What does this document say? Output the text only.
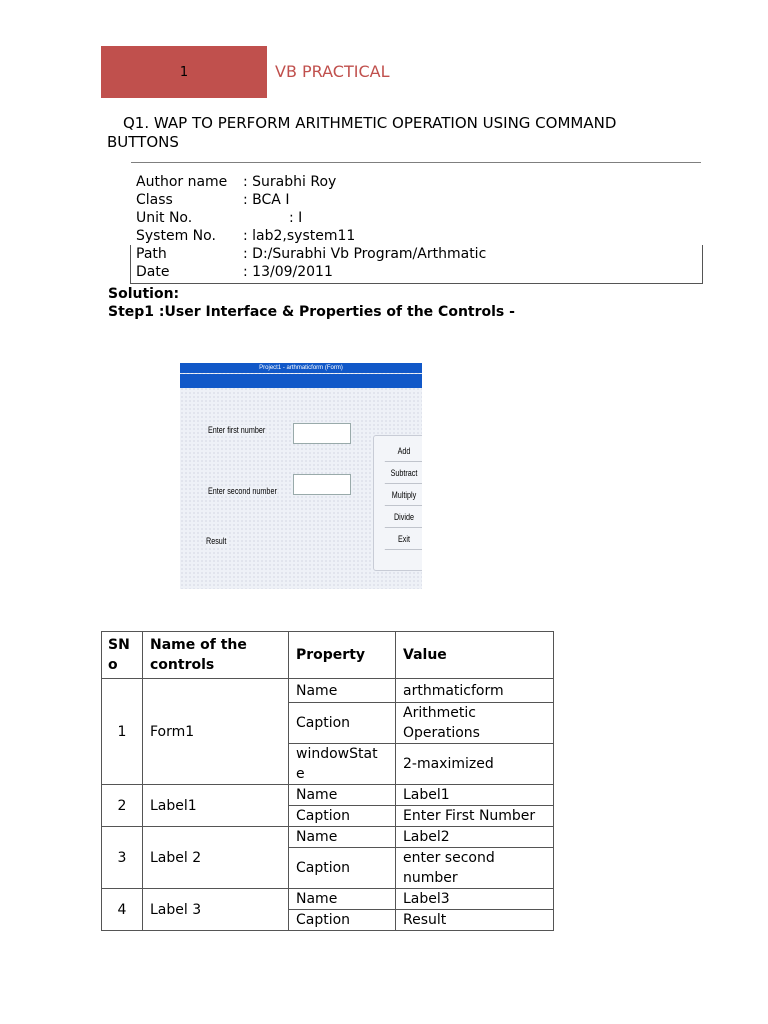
1	VB PRACTICAL
Q1. WAP TO PERFORM ARITHMETIC OPERATION USING COMMAND
BUTTONS
Author name	: Surabhi Roy
Class	: BCA I
Unit No.	: I
System No.	: lab2,system11
Path	: D:/Surabhi Vb Program/Arthmatic
Date	: 13/09/2011
Solution:
Step1 :User Interface & Properties of the Controls -
Project1 - arthmaticform (Form)
Enter first number
Enter second number
Result
Add
Subtract
Multiply
Divide
Exit
SN o	Name of the controls	Property	Value
1	Form1	Name	arthmaticform
		Caption	Arithmetic Operations
		windowStat e	2-maximized
2	Label1	Name	Label1
		Caption	Enter First Number
3	Label 2	Name	Label2
		Caption	enter second number
4	Label 3	Name	Label3
		Caption	Result
